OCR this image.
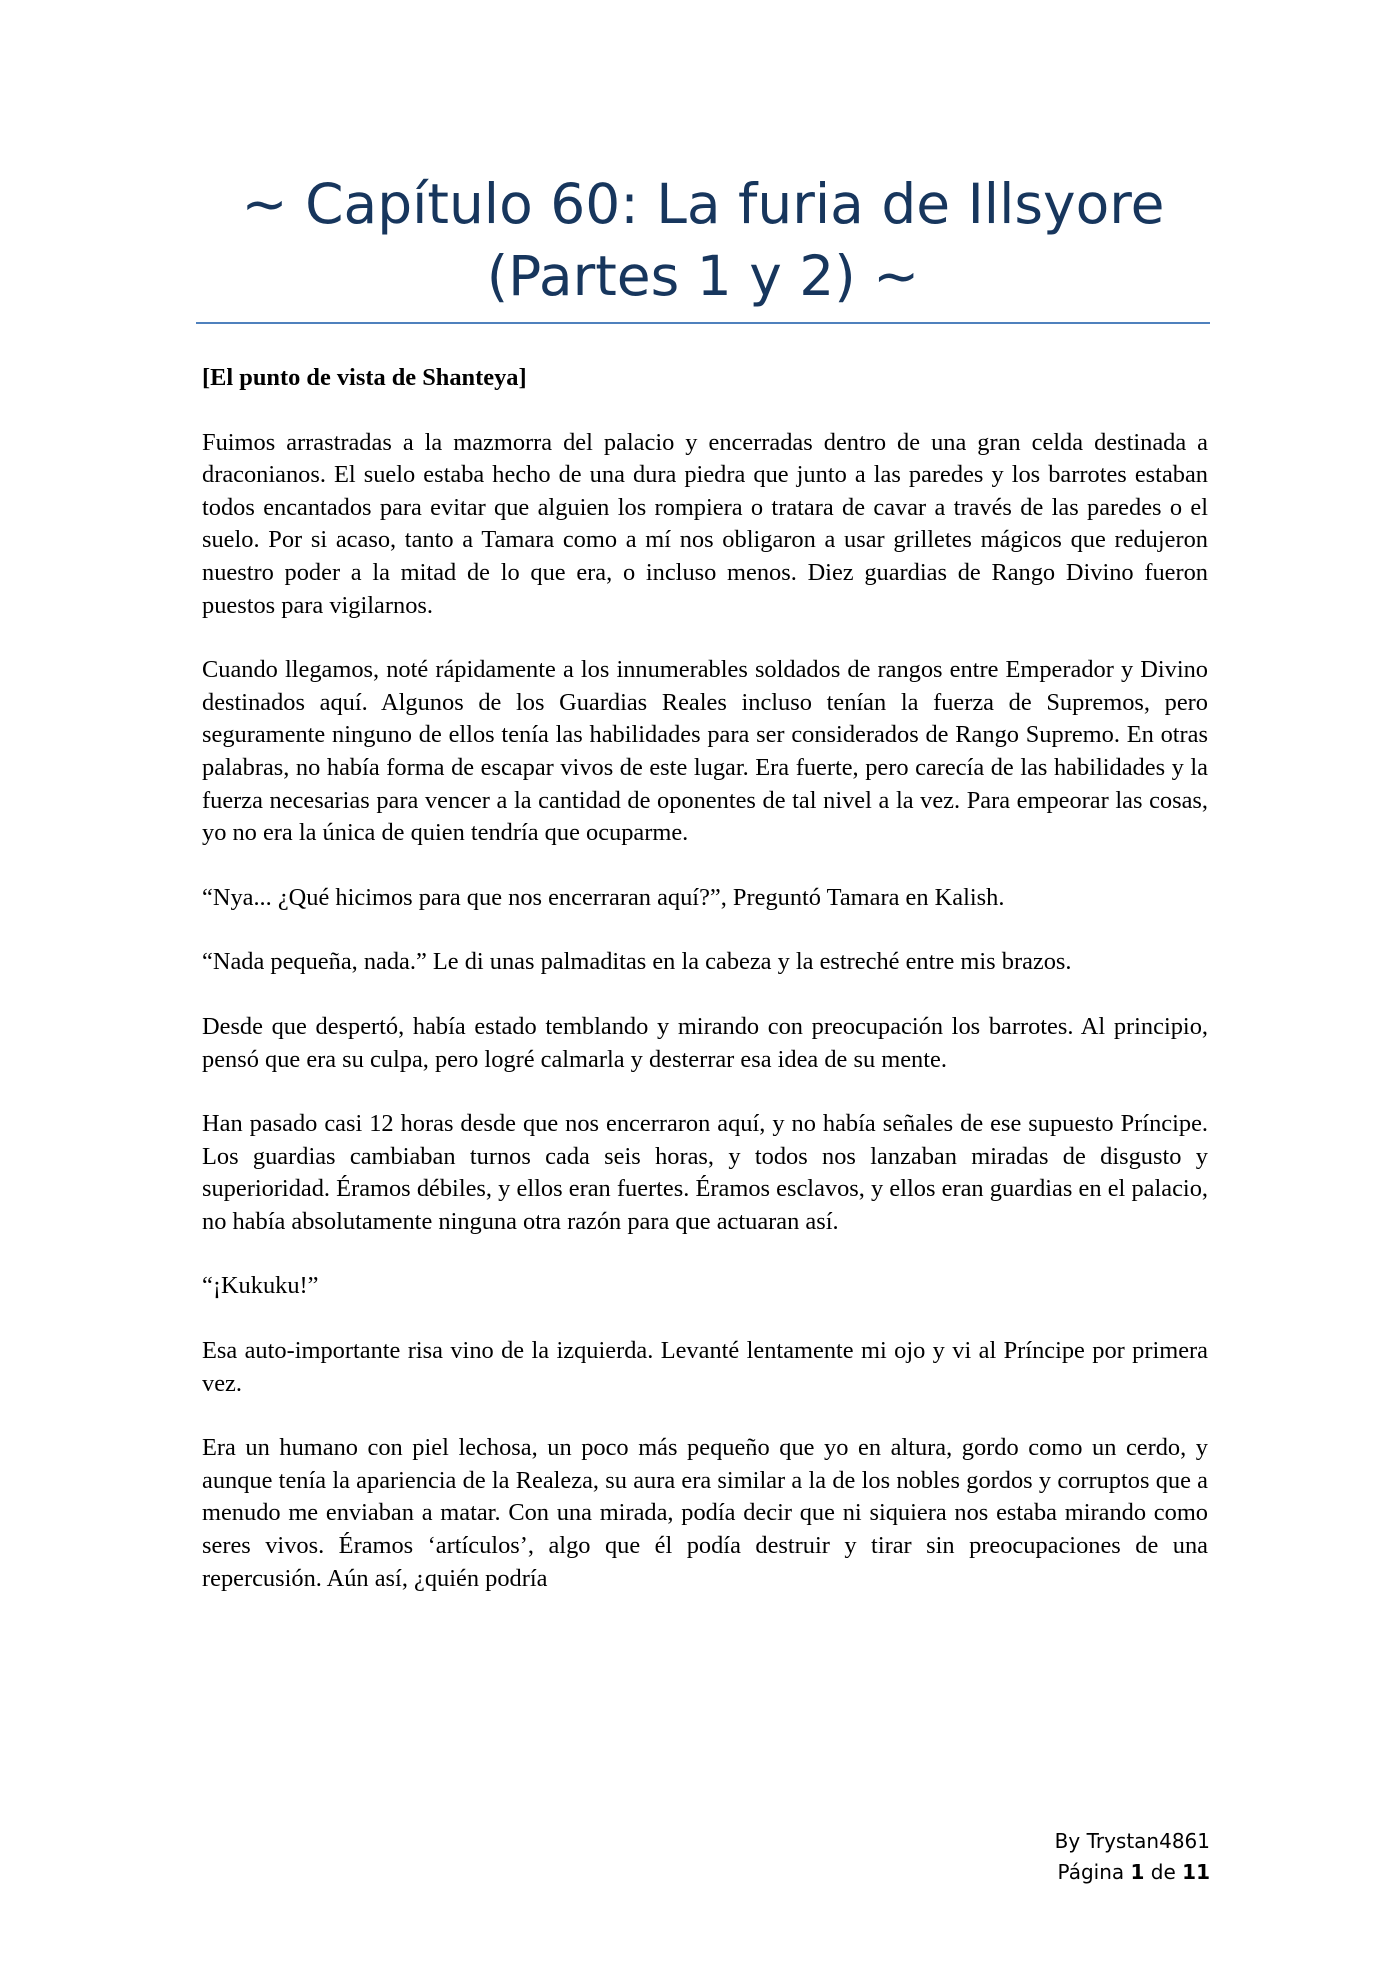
~ Capítulo 60: La furia de Illsyore
(Partes 1 y 2) ~

[El punto de vista de Shanteya]

Fuimos arrastradas a la mazmorra del palacio y encerradas dentro de una gran celda destinada a draconianos. El suelo estaba hecho de una dura piedra que junto a las paredes y los barrotes estaban todos encantados para evitar que alguien los rompiera o tratara de cavar a través de las paredes o el suelo. Por si acaso, tanto a Tamara como a mí nos obligaron a usar grilletes mágicos que redujeron nuestro poder a la mitad de lo que era, o incluso menos. Diez guardias de Rango Divino fueron puestos para vigilarnos.

Cuando llegamos, noté rápidamente a los innumerables soldados de rangos entre Emperador y Divino destinados aquí. Algunos de los Guardias Reales incluso tenían la fuerza de Supremos, pero seguramente ninguno de ellos tenía las habilidades para ser considerados de Rango Supremo. En otras palabras, no había forma de escapar vivos de este lugar. Era fuerte, pero carecía de las habilidades y la fuerza necesarias para vencer a la cantidad de oponentes de tal nivel a la vez. Para empeorar las cosas, yo no era la única de quien tendría que ocuparme.

“Nya... ¿Qué hicimos para que nos encerraran aquí?”, Preguntó Tamara en Kalish.

“Nada pequeña, nada.” Le di unas palmaditas en la cabeza y la estreché entre mis brazos.

Desde que despertó, había estado temblando y mirando con preocupación los barrotes. Al principio, pensó que era su culpa, pero logré calmarla y desterrar esa idea de su mente.

Han pasado casi 12 horas desde que nos encerraron aquí, y no había señales de ese supuesto Príncipe. Los guardias cambiaban turnos cada seis horas, y todos nos lanzaban miradas de disgusto y superioridad. Éramos débiles, y ellos eran fuertes. Éramos esclavos, y ellos eran guardias en el palacio, no había absolutamente ninguna otra razón para que actuaran así.

“¡Kukuku!”

Esa auto-importante risa vino de la izquierda. Levanté lentamente mi ojo y vi al Príncipe por primera vez.

Era un humano con piel lechosa, un poco más pequeño que yo en altura, gordo como un cerdo, y aunque tenía la apariencia de la Realeza, su aura era similar a la de los nobles gordos y corruptos que a menudo me enviaban a matar. Con una mirada, podía decir que ni siquiera nos estaba mirando como seres vivos. Éramos ‘artículos’, algo que él podía destruir y tirar sin preocupaciones de una repercusión. Aún así, ¿quién podría

By Trystan4861
Página 1 de 11
